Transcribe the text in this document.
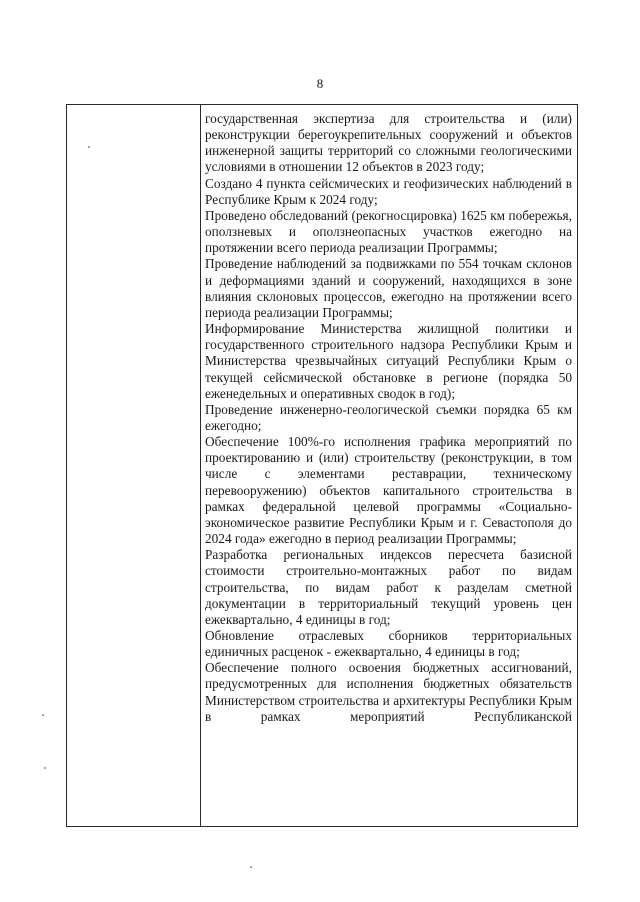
8

государственная экспертиза для строительства и (или) реконструкции берегоукрепительных сооружений и объектов инженерной защиты территорий со сложными геологическими условиями в отношении 12 объектов в 2023 году;

Создано 4 пункта сейсмических и геофизических наблюдений в Республике Крым к 2024 году;

Проведено обследований (рекогносцировка) 1625 км побережья, оползневых и оползнеопасных участков ежегодно на протяжении всего периода реализации Программы;

Проведение наблюдений за подвижками по 554 точкам склонов и деформациями зданий и сооружений, находящихся в зоне влияния склоновых процессов, ежегодно на протяжении всего периода реализации Программы;

Информирование Министерства жилищной политики и государственного строительного надзора Республики Крым и Министерства чрезвычайных ситуаций Республики Крым о текущей сейсмической обстановке в регионе (порядка 50 еженедельных и оперативных сводок в год);

Проведение инженерно-геологической съемки порядка 65 км ежегодно;

Обеспечение 100%-го исполнения графика мероприятий по проектированию и (или) строительству (реконструкции, в том числе с элементами реставрации, техническому перевооружению) объектов капитального строительства в рамках федеральной целевой программы «Социально-экономическое развитие Республики Крым и г. Севастополя до 2024 года» ежегодно в период реализации Программы;

Разработка региональных индексов пересчета базисной стоимости строительно-монтажных работ по видам строительства, по видам работ к разделам сметной документации в территориальный текущий уровень цен ежеквартально, 4 единицы в год;

Обновление отраслевых сборников территориальных единичных расценок - ежеквартально, 4 единицы в год;

Обеспечение полного освоения бюджетных ассигнований, предусмотренных для исполнения бюджетных обязательств Министерством строительства и архитектуры Республики Крым в рамках мероприятий Республиканской
